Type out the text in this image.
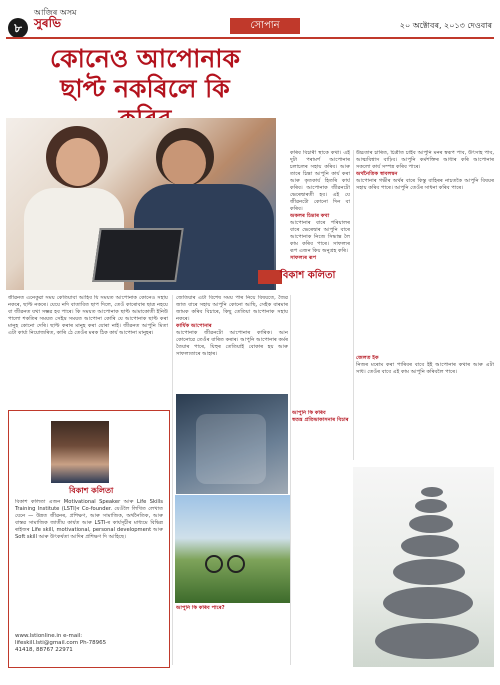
৮
আজিৰ অসম
সুৰভি	সোপান	২০ অক্টোবৰ, ২০১৩ দেওবাৰ
কোনেও আপোনাক ছাপ্ট নকৰিলে কি
বিকাশ কলিতা
কৰিব বিচাৰী স্থাকে কথা। এই দুটা পৰামৰ্শ আপোনাৰ চলাচলৰ সহায় কৰিব। আৰু তাৰে চিন্তা আপুনি কাৰ্য কৰা আৰু কৃতকাৰ্য হিতৰি কাৰ্য কৰিব। আপোনাক জীৱনটো ভেৰেদ্বাৰতী হব। এই যে জীৱনটো কোনো দিন বা কৰিব।
অকলৰ চিন্তাৰ কথা
আপোনাৰ বাৰে পৰিয়ালৰ বাৰে ভেৰেদ্বাৰ আপুনি বাৰে আপোনাক নিজে সিদ্ধান্ত লৈ কাম কৰিব পাৰে। সাফল্যৰ ৰূপ এজন কিয় অনুগ্ৰহ কৰি।
সাফল্যৰ ৰূপ
উচ্চতাৰ চাৰিত, চিত্ৰীত চাইব আপুনি মনৰ স্বৰূপ পাব, উৎসাহ পাব, আত্মবিশ্বাস বাঢ়িব। আপুনি কৰ্মশক্তিৰ আধাৰ কৰি আপোনাৰ সকলো কাৰ্য সম্পন্ন কৰিব পাৰে।
অৰ্থনৈতিক স্বাবলম্বন
আপোনাৰ গভীৰ অৰ্থৰ বাৰে কিন্তু বাহিৰৰ নাচতকৈ আপুনি বিষয়ৰ সহায় কৰিব পাৰে। আপুনি তেওঁৰ সাধনা কৰিব পাৰে।
জেলত ইক
নিজৰ মৰোম কৰা পাৰিবৰ বাবে ইই আপোনাৰ কথাৰ আৰু এটা সাধ। তেওঁৰ বাবে এই কাম আপুনি কৰিবলৈ পাৰে।
জীৱনত এনেকুৱা সময় কেতিয়াবা আহিব যি সময়ত আপোনাক কোনেও সহায় নকৰে, ছাপ্ট নকৰে। যেয়ে নদি বাতাবিত ছাপ দিলে, তেওঁ কাৰোবাৰ ছাত্র নহয়ে বা জীৱনত যথা সম্ভৱ হব পাৰে। কি সময়ত আপোনাক ছাপ্ট আমাকোতী ইনিউ পালো শকতিৰ সময়ত সেইদ্ৰ সময়ত আপোনা কোৰি যে আপোনাক ছাপ্ট কৰা মানুহ কোনো দেৰি। ছাপ্ট কৰাৰ মানুহ কৰা যোৰা নাই। জীৱনত আপুনি মিতা এটা কাৰ্য্য নিয়োজৰিত, কাৰি ঠে তেওঁৰ মৰক ঠিক কাৰ্য আপোনা মানুহৰ।
জেতিয়াৰ এটা বিশেষ সময় পাৰ নিয়ে বিষয়তে, জৈৱ জাত বাৰে সহায় আপুনি কোনো আছি, সেইক বাৰমাৰ জামক কৰিব বিচাৰে, কিছু তেতিয়া আপোনাক সহায় নকৰে।
কাৰ্যিক আপোনাৰ
আপোনাক জীৱনটো আপোনাৰ কাৰিক। আন কোনোৱে তেওঁৰ বাৰিত কৰাৰ। আপুনি আপোনাৰ কৰ্মৰ তৈয়াৰ পাৰে, যিহুৰ তেতিয়াই বোকাৰ হয় আৰু সাফল্যতাৰে আহাৰ।
আপুনি কি কৰিব পাৰে?
আপুনি কি কৰিব
স্বতন্ত্ৰ প্ৰতিভাকাসনাৰ বিচাৰ
বিকাশ কলিতা
বিকাশ কলিতা এজন Motivational Speaker আৰু Life Skills Training Institute (LSTI)ৰ Co-founder. যেওঁলৈ লিখিত লেখাত যেনে — উন্নত জীৱনৰ, প্ৰশিক্ষণ, আৰু সামাজিক, অৰ্থনৈতিক, আৰু বাস্তৱ সামাজিক জাতীয় কাৰ্যত আৰু LSTI-ৰ কাৰ্যসূচীৰ মাধ্যমে বিভিন্ন ৰাইজৰ Life skill, motivational, personal development আৰু Soft skill আৰু উৎকৰ্ষতা আদিৰ প্ৰশিক্ষণ দি আহিছে।
www.lstionline.in e-mail:
lifeskill.lsti@gmail.com Ph-78965
41418, 88767 22971
